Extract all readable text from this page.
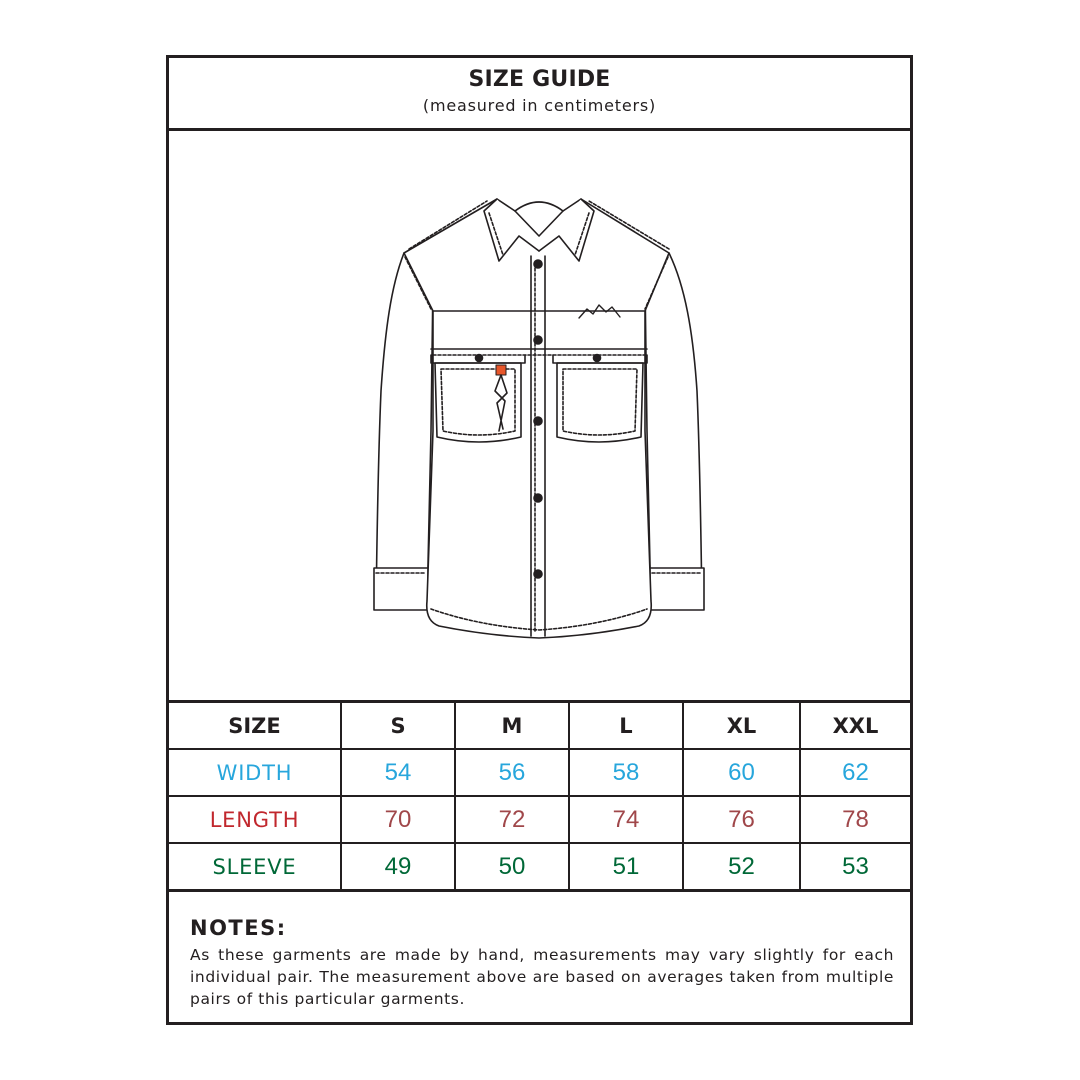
SIZE GUIDE
(measured in centimeters)
SIZE	S	M	L	XL	XXL
WIDTH	54	56	58	60	62
LENGTH	70	72	74	76	78
SLEEVE	49	50	51	52	53
NOTES:
As these garments are made by hand, measurements may vary slightly for each individual pair. The measurement above are based on averages taken from multiple pairs of this particular garments.
